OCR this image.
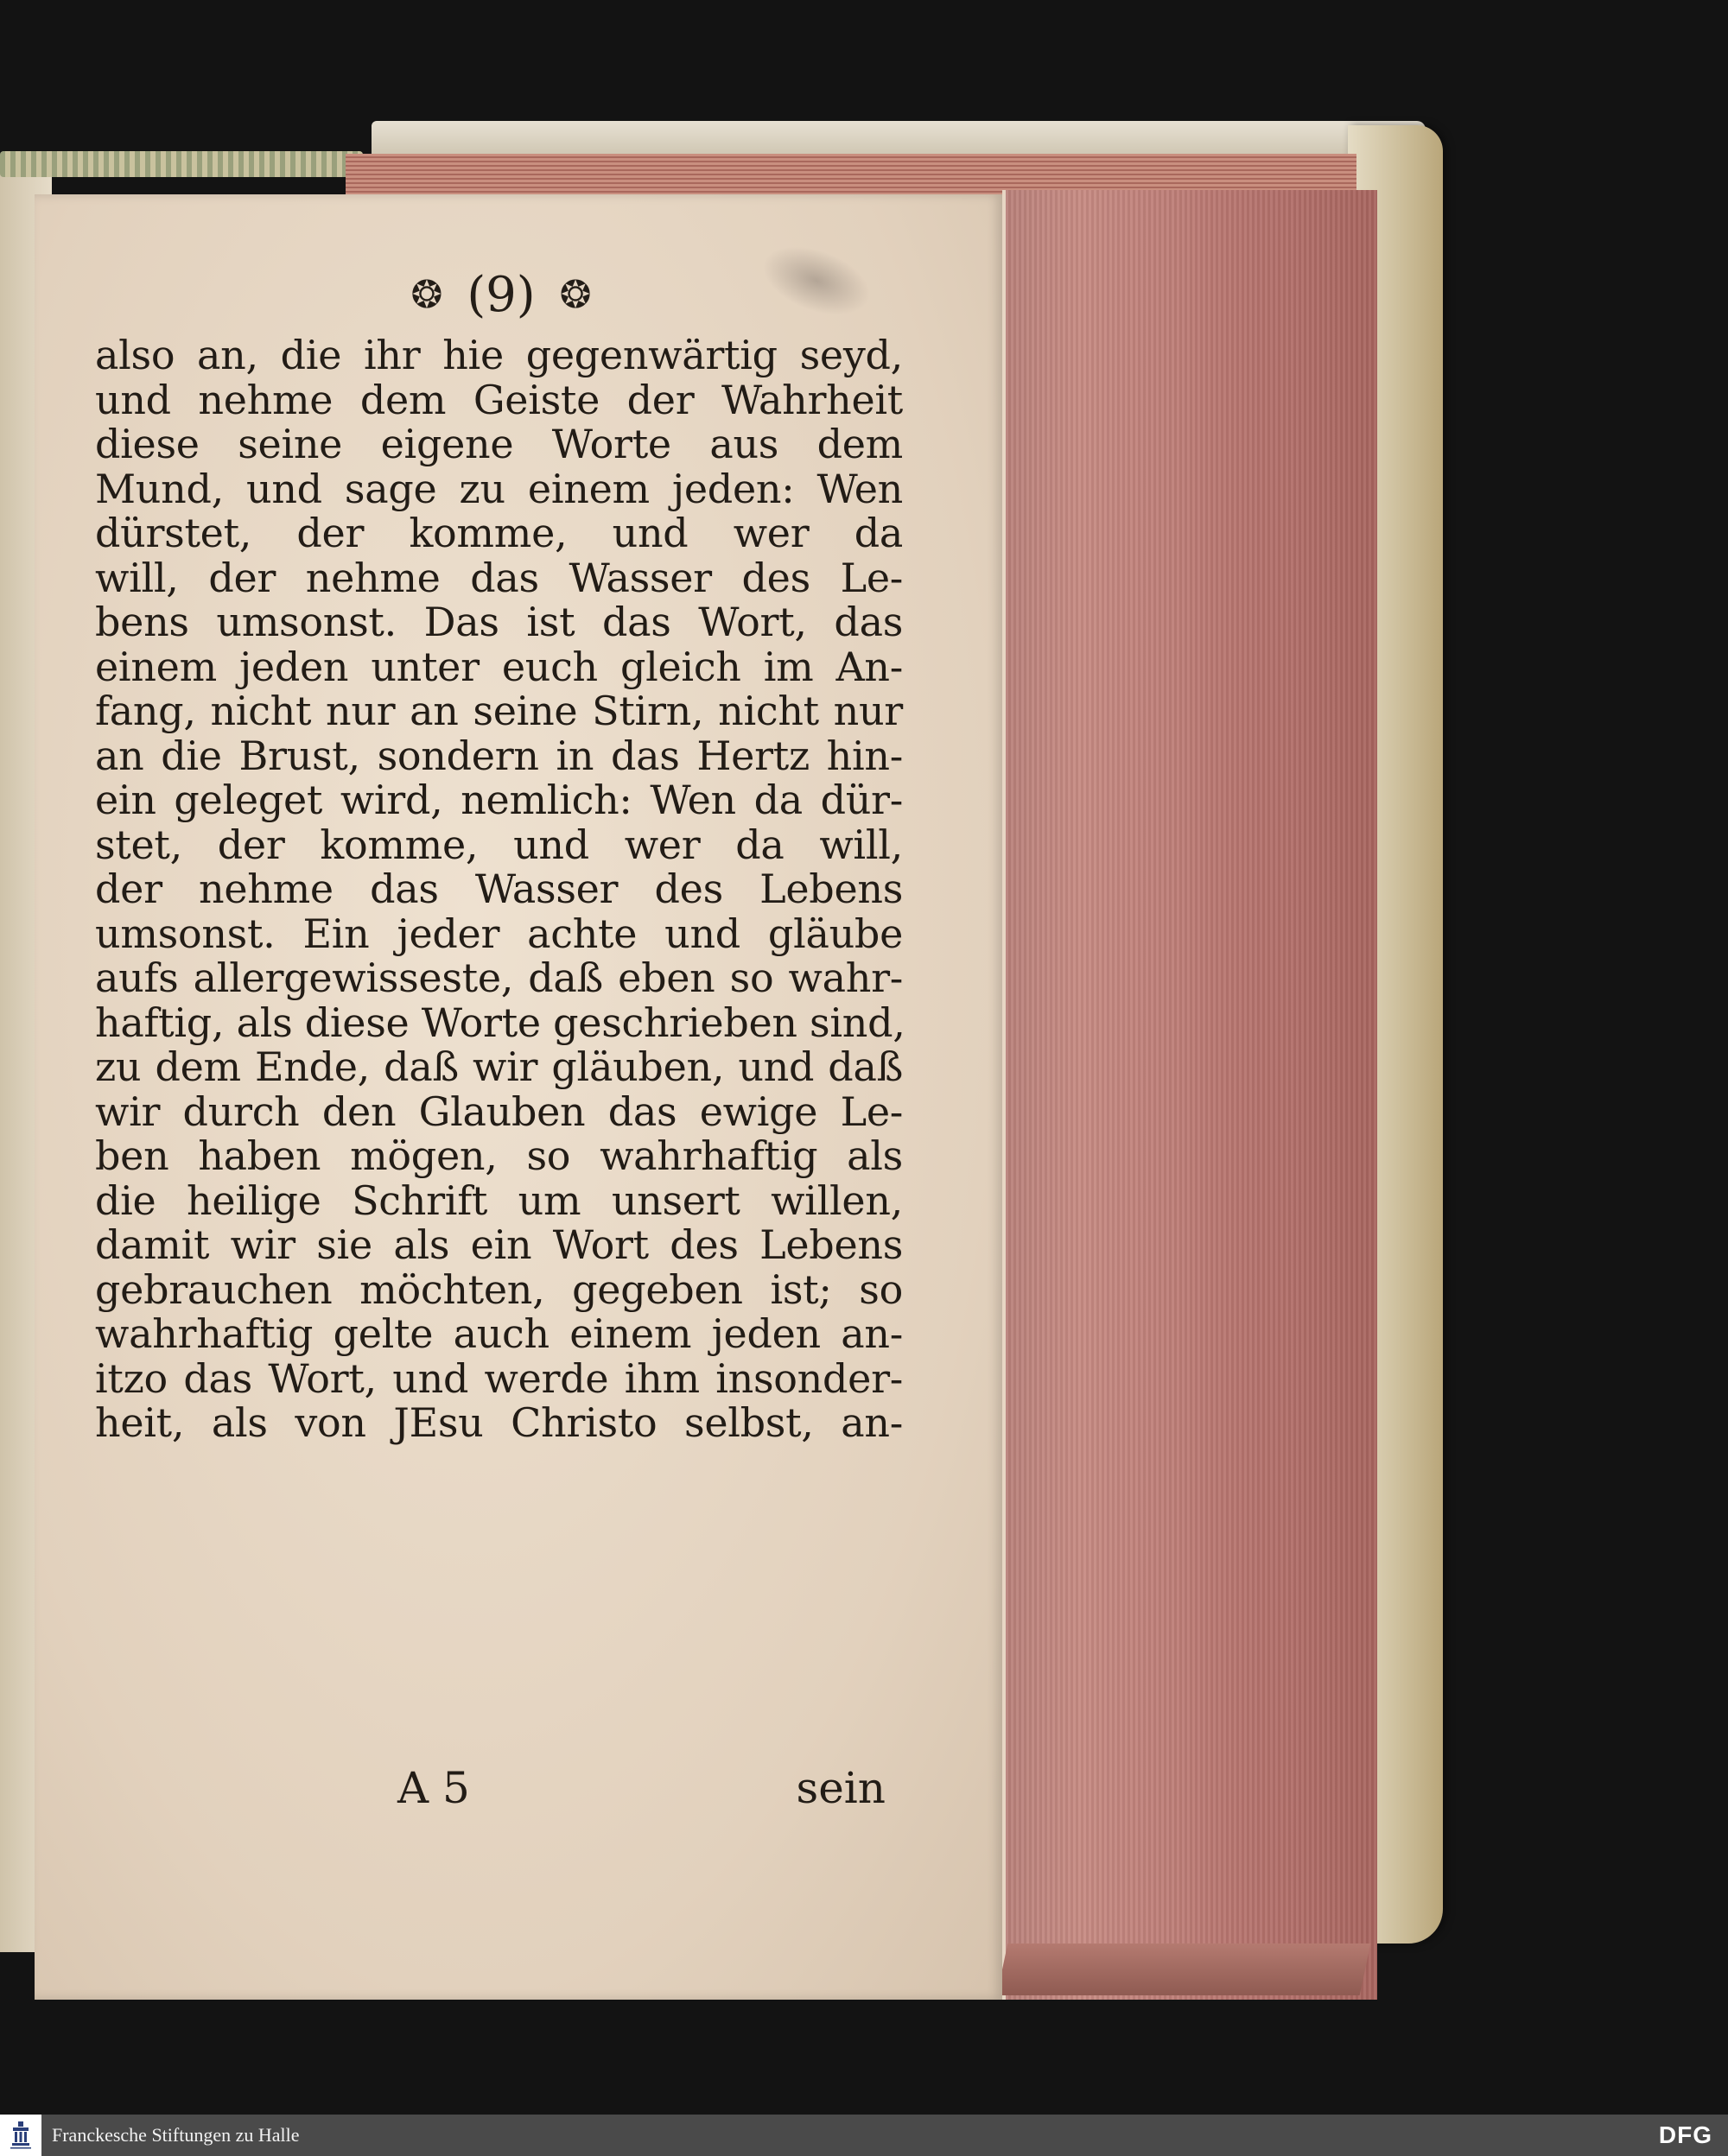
❂ (9) ❂
also an, die ihr hie gegenwärtig seyd,
und nehme dem Geiste der Wahrheit
diese seine eigene Worte aus dem
Mund, und sage zu einem jeden: Wen
dürstet, der komme, und wer da
will, der nehme das Wasser des Le-
bens umsonst. Das ist das Wort, das
einem jeden unter euch gleich im An-
fang, nicht nur an seine Stirn, nicht nur
an die Brust, sondern in das Hertz hin-
ein geleget wird, nemlich: Wen da dür-
stet, der komme, und wer da will,
der nehme das Wasser des Lebens
umsonst. Ein jeder achte und gläube
aufs allergewisseste, daß eben so wahr-
haftig, als diese Worte geschrieben sind,
zu dem Ende, daß wir gläuben, und daß
wir durch den Glauben das ewige Le-
ben haben mögen, so wahrhaftig als
die heilige Schrift um unsert willen,
damit wir sie als ein Wort des Lebens
gebrauchen möchten, gegeben ist; so
wahrhaftig gelte auch einem jeden an-
itzo das Wort, und werde ihm insonder-
heit, als von JEsu Christo selbst, an-
A 5	sein
Franckesche Stiftungen zu Halle	DFG
